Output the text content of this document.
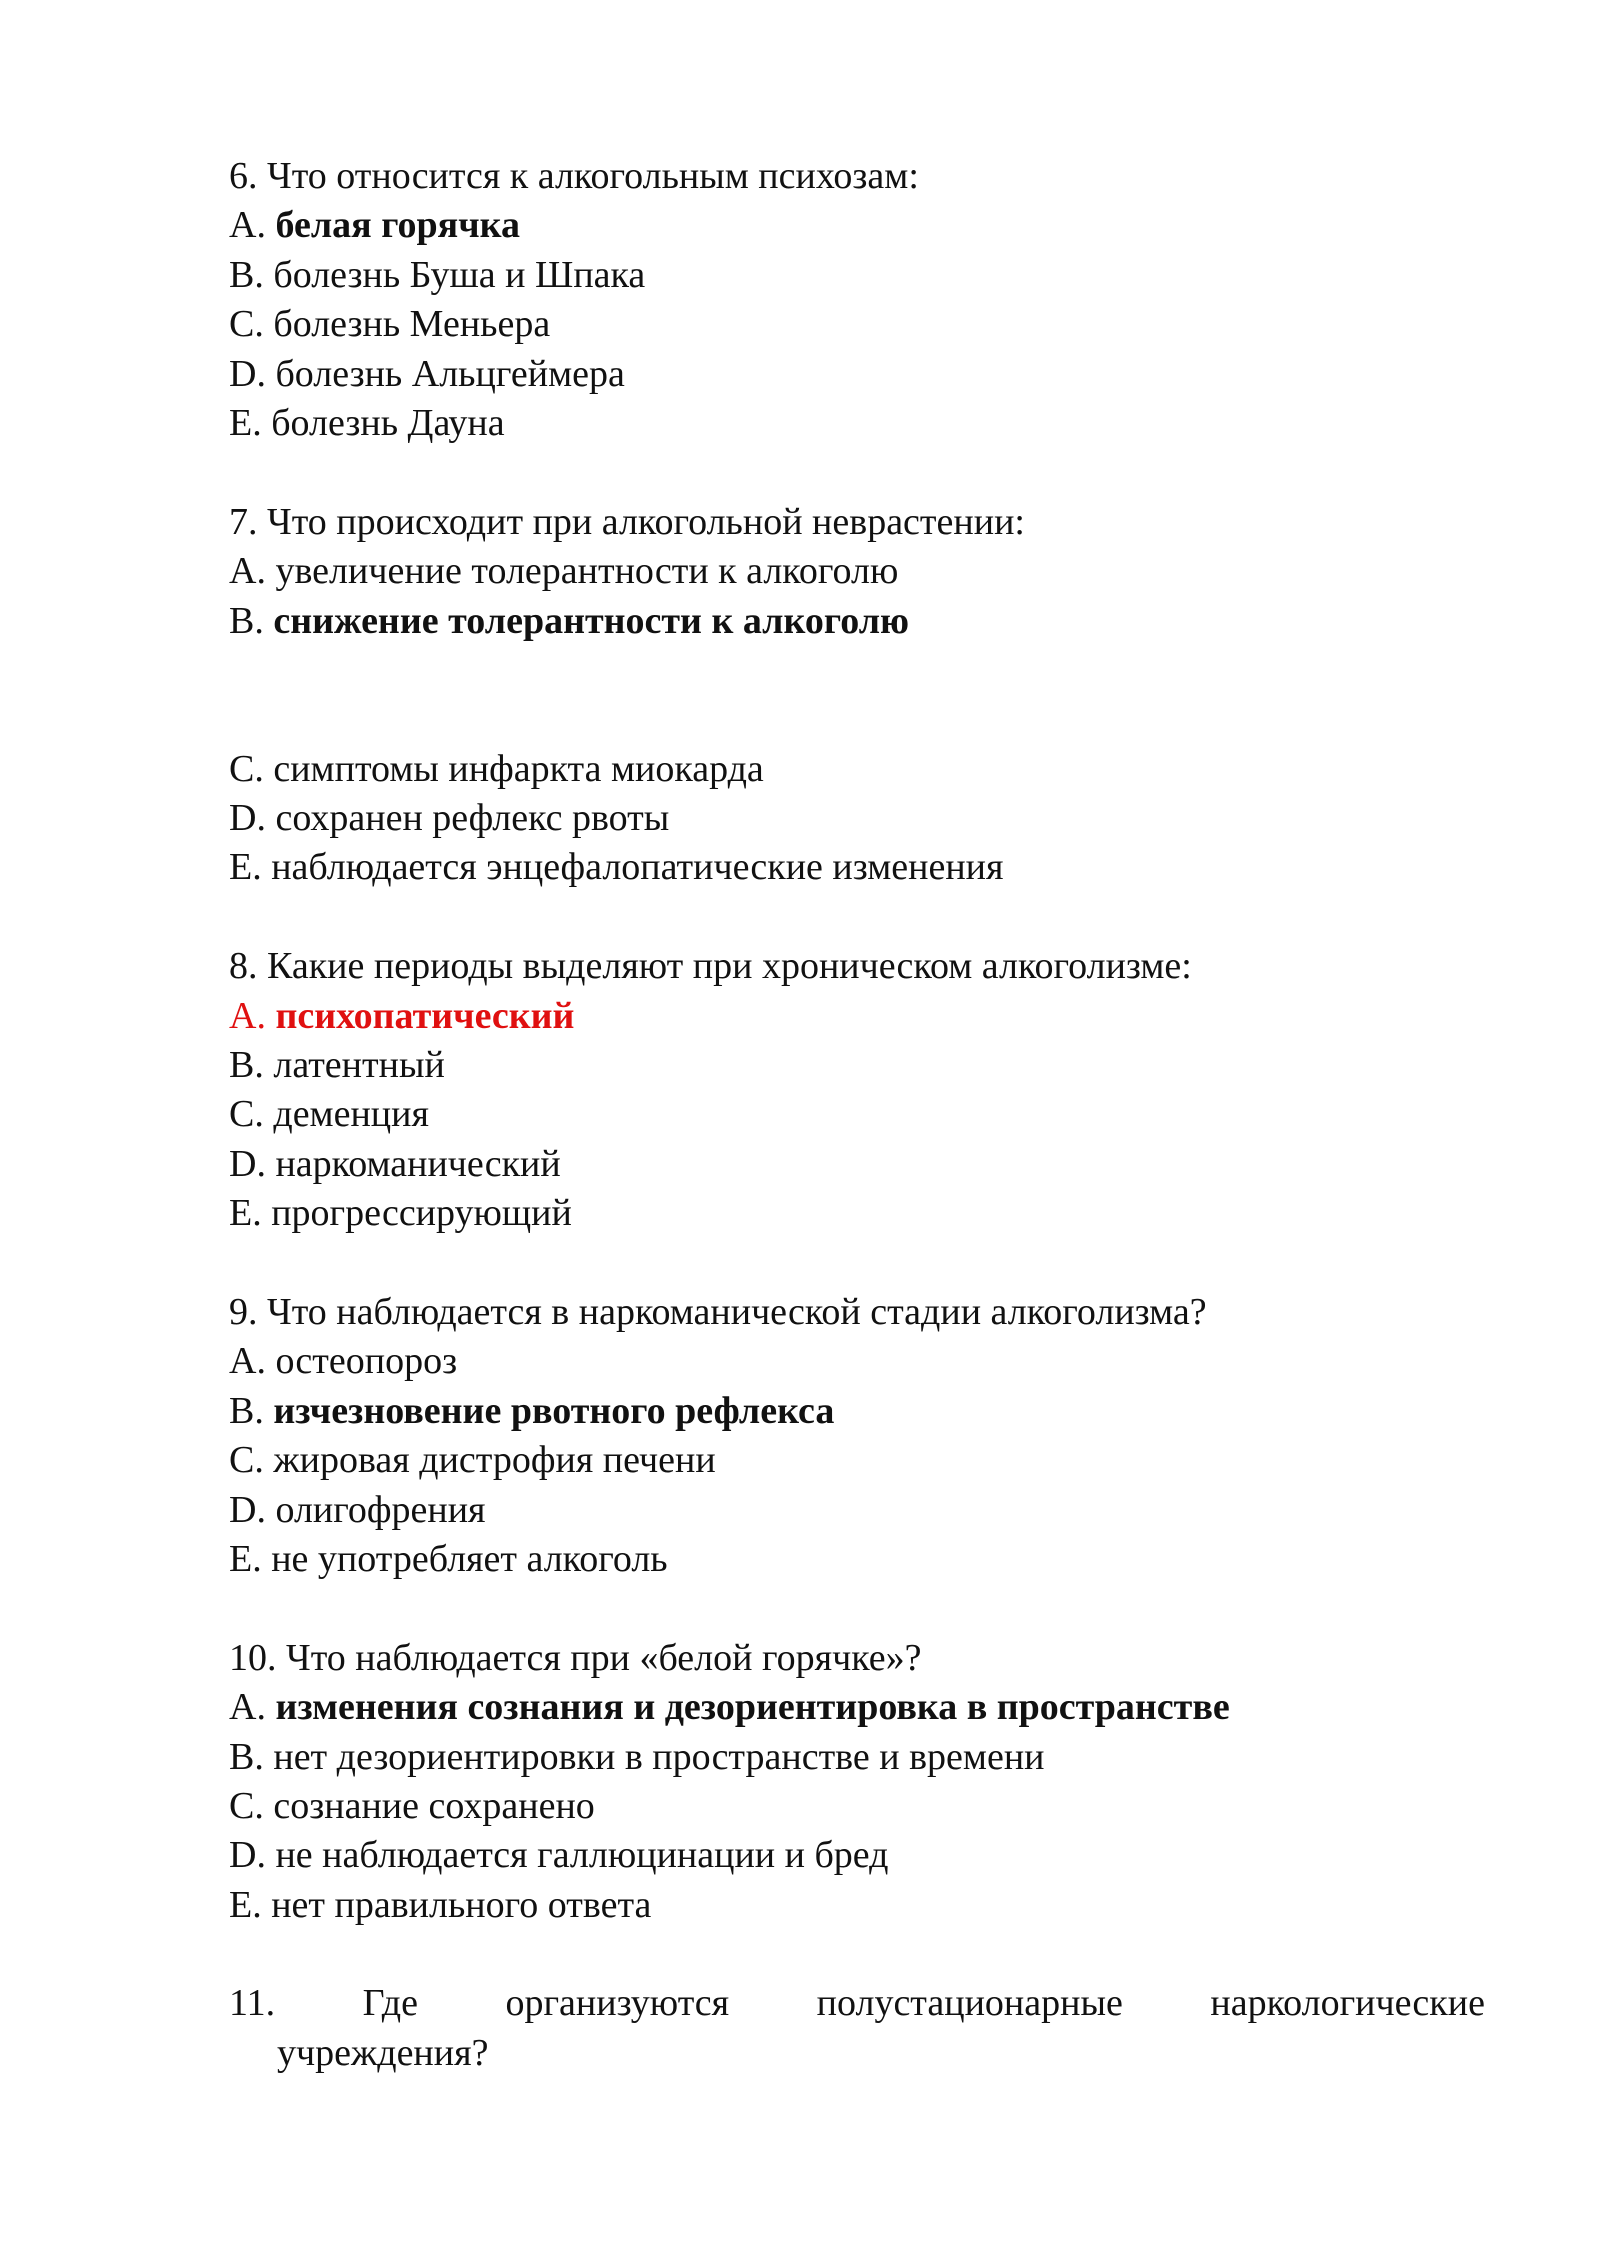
6. Что относится к алкогольным психозам:
A. белая горячка
B. болезнь Буша и Шпака
C. болезнь Меньера
D. болезнь Альцгеймера
E. болезнь Дауна
7. Что происходит при алкогольной неврастении:
A. увеличение толерантности к алкоголю
B. снижение толерантности к алкоголю
C. симптомы инфаркта миокарда
D. сохранен рефлекс рвоты
E. наблюдается энцефалопатические изменения
8. Какие периоды выделяют при хроническом алкоголизме:
A. психопатический
B. латентный
C. деменция
D. наркоманический
E. прогрессирующий
9. Что наблюдается в наркоманической стадии алкоголизма?
A. остеопороз
B. изчезновение рвотного рефлекса
C. жировая дистрофия печени
D. олигофрения
E. не употребляет алкоголь
10. Что наблюдается при «белой горячке»?
A. изменения сознания и дезориентировка в пространстве
B. нет дезориентировки в пространстве и времени
C. сознание сохранено
D. не наблюдается галлюцинации и бред
E. нет правильного ответа
11. Где организуются полустационарные наркологические
учреждения?
